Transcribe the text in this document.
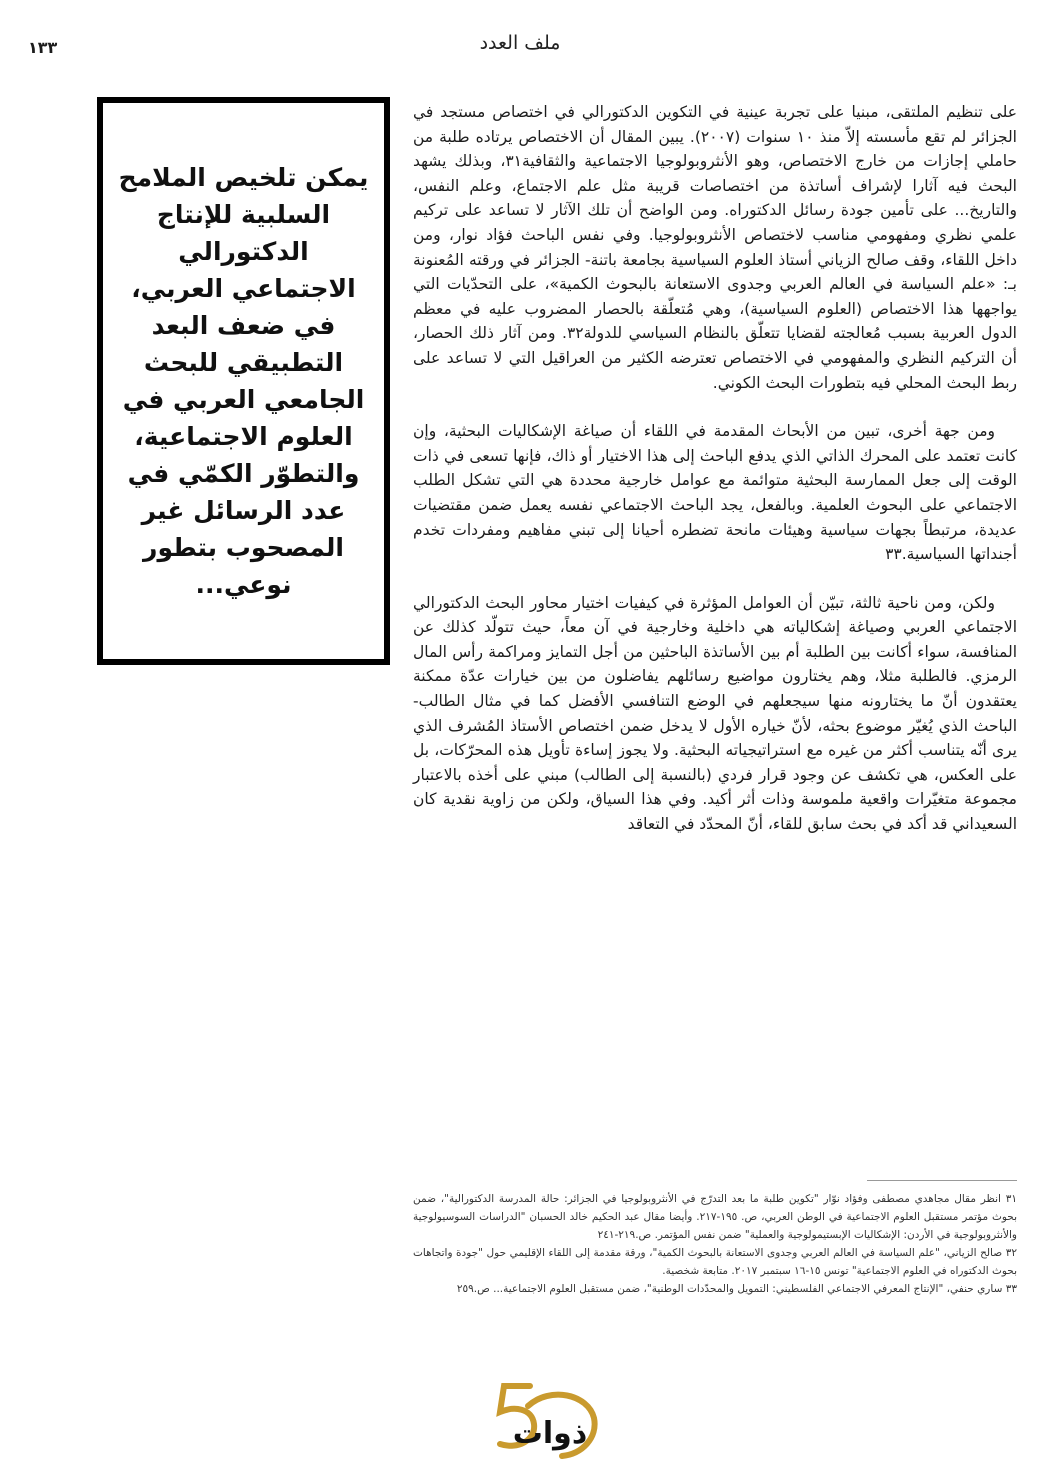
١٣٣	ملف العدد
يمكن تلخيص الملامح السلبية للإنتاج الدكتورالي الاجتماعي العربي، في ضعف البعد التطبيقي للبحث الجامعي العربي في العلوم الاجتماعية، والتطوّر الكمّي في عدد الرسائل غير المصحوب بتطور نوعي...

على تنظيم الملتقى، مبنيا على تجربة عينية في التكوين الدكتورالي في اختصاص مستجد في الجزائر لم تقع مأسسته إلاّ منذ ١٠ سنوات (٢٠٠٧). يبين المقال أن الاختصاص يرتاده طلبة من حاملي إجازات من خارج الاختصاص، وهو الأنثروبولوجيا الاجتماعية والثقافية٣١، وبذلك يشهد البحث فيه آثارا لإشراف أساتذة من اختصاصات قريبة مثل علم الاجتماع، وعلم النفس، والتاريخ... على تأمين جودة رسائل الدكتوراه. ومن الواضح أن تلك الآثار لا تساعد على تركيم علمي نظري ومفهومي مناسب لاختصاص الأنثروبولوجيا. وفي نفس الباحث فؤاد نوار، ومن داخل اللقاء، وقف صالح الزياني أستاذ العلوم السياسية بجامعة باتنة- الجزائر في ورقته المُعنونة بـ: «علم السياسة في العالم العربي وجدوى الاستعانة بالبحوث الكمية»، على التحدّيات التي يواجهها هذا الاختصاص (العلوم السياسية)، وهي مُتعلّقة بالحصار المضروب عليه في معظم الدول العربية بسبب مُعالجته لقضايا تتعلّق بالنظام السياسي للدولة٣٢. ومن آثار ذلك الحصار، أن التركيم النظري والمفهومي في الاختصاص تعترضه الكثير من العراقيل التي لا تساعد على ربط البحث المحلي فيه بتطورات البحث الكوني.

ومن جهة أخرى، تبين من الأبحاث المقدمة في اللقاء أن صياغة الإشكاليات البحثية، وإن كانت تعتمد على المحرك الذاتي الذي يدفع الباحث إلى هذا الاختيار أو ذاك، فإنها تسعى في ذات الوقت إلى جعل الممارسة البحثية متوائمة مع عوامل خارجية محددة هي التي تشكل الطلب الاجتماعي على البحوث العلمية. وبالفعل، يجد الباحث الاجتماعي نفسه يعمل ضمن مقتضيات عديدة، مرتبطاً بجهات سياسية وهيئات مانحة تضطره أحيانا إلى تبني مفاهيم ومفردات تخدم أجنداتها السياسية.٣٣

ولكن، ومن ناحية ثالثة، تبيّن أن العوامل المؤثرة في كيفيات اختيار محاور البحث الدكتورالي الاجتماعي العربي وصياغة إشكالياته هي داخلية وخارجية في آن معاً، حيث تتولّد كذلك عن المنافسة، سواء أكانت بين الطلبة أم بين الأساتذة الباحثين من أجل التمايز ومراكمة رأس المال الرمزي. فالطلبة مثلا، وهم يختارون مواضيع رسائلهم يفاضلون من بين خيارات عدّة ممكنة يعتقدون أنّ ما يختارونه منها سيجعلهم في الوضع التنافسي الأفضل كما في مثال الطالب-الباحث الذي يُغيّر موضوع بحثه، لأنّ خياره الأول لا يدخل ضمن اختصاص الأستاذ المُشرف الذي يرى أنّه يتناسب أكثر من غيره مع استراتيجياته البحثية. ولا يجوز إساءة تأويل هذه المحرّكات، بل على العكس، هي تكشف عن وجود قرار فردي (بالنسبة إلى الطالب) مبني على أخذه بالاعتبار مجموعة متغيّرات واقعية ملموسة وذات أثر أكيد. وفي هذا السياق، ولكن من زاوية نقدية كان السعيداني قد أكد في بحث سابق للقاء، أنّ المحدّد في التعاقد

٣١ انظر مقال مجاهدي مصطفى وفؤاد نوّار "تكوين طلبة ما بعد التدرّج في الأنثروبولوجيا في الجزائر: حالة المدرسة الدكتورالية"، ضمن بحوث مؤتمر مستقبل العلوم الاجتماعية في الوطن العربي، ص. ١٩٥-٢١٧. وأيضا مقال عبد الحكيم خالد الحسبان "الدراسات السوسيولوجية والأنثروبولوجية في الأردن: الإشكاليات الإبستيمولوجية والعملية" ضمن نفس المؤتمر. ص.٢١٩-٢٤١

٣٢ صالح الزياني، "علم السياسة في العالم العربي وجدوى الاستعانة بالبحوث الكمية"، ورقة مقدمة إلى اللقاء الإقليمي حول "جودة واتجاهات بحوث الدكتوراه في العلوم الاجتماعية" تونس ١٥-١٦ سبتمبر ٢٠١٧. متابعة شخصية.

٣٣ ساري حنفي، "الإنتاج المعرفي الاجتماعي الفلسطيني: التمويل والمحدّدات الوطنية"، ضمن مستقبل العلوم الاجتماعية... ص.٢٥٩

ذوات
